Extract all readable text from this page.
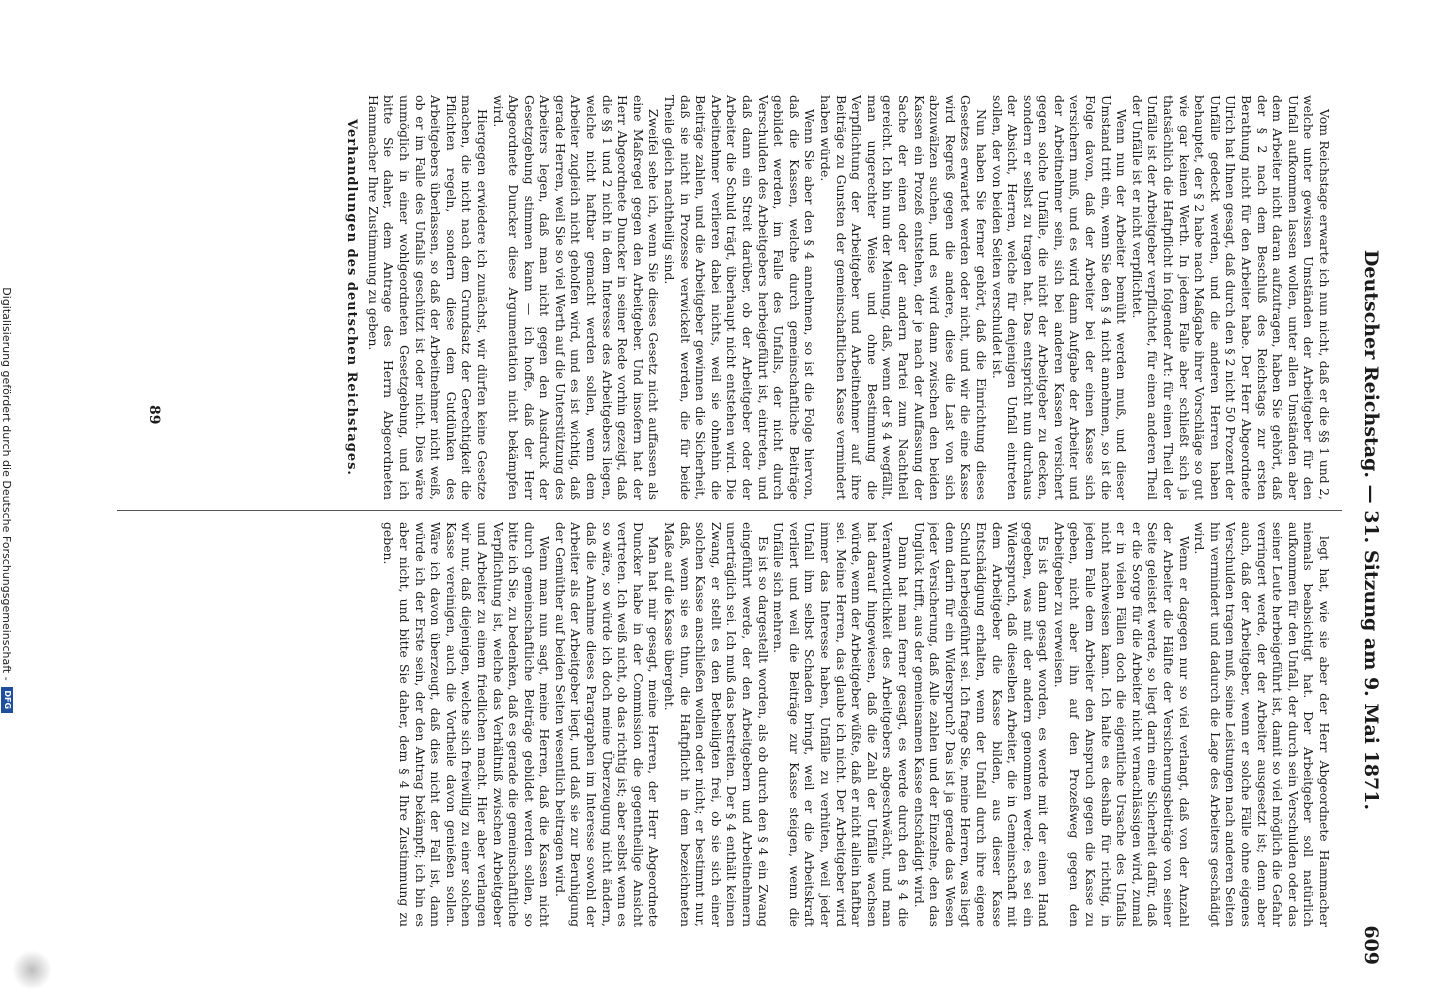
Deutscher Reichstag. — 31. Sitzung am 9. Mai 1871.
609

Vom Reichstage erwarte ich nun nicht, daß er die §§ 1 und 2, welche unter gewissen Umständen der Arbeitgeber für den Unfall aufkommen lassen wollen, unter allen Umständen aber dem Arbeiter nicht daran aufzutragen, haben Sie gehört, daß der § 2 nach dem Beschluß des Reichstags zur ersten Berathung nicht für den Arbeiter habe. Der Herr Abgeordnete Ulrich hat Ihnen gesagt, daß durch den § 2 nicht 50 Prozent der Unfälle gedeckt werden, und die anderen Herren haben behauptet, der § 2 habe nach Maßgabe ihrer Vorschläge so gut wie gar keinen Werth. In jedem Falle aber schließt sich ja thatsächlich die Haftpflicht in folgender Art: für einen Theil der Unfälle ist der Arbeitgeber verpflichtet, für einen anderen Theil der Unfälle ist er nicht verpflichtet.

Wenn nun der Arbeiter bemüht werden muß, und dieser Umstand tritt ein, wenn Sie den § 4 nicht annehmen, so ist die Folge davon, daß der Arbeiter bei der einen Kasse sich versichern muß, und es wird dann Aufgabe der Arbeiter und der Arbeitnehmer sein, sich bei anderen Kassen versichert gegen solche Unfälle, die nicht der Arbeitgeber zu decken, sondern er selbst zu tragen hat. Das entspricht nun durchaus der Absicht, Herren, welche für denjenigen Unfall eintreten sollen, der von beiden Seiten verschuldet ist.

Nun haben Sie ferner gehört, daß die Einrichtung dieses Gesetzes erwartet werden oder nicht, und wir die eine Kasse wird Regreß gegen die andere, diese die Last von sich abzuwälzen suchen, und es wird dann zwischen den beiden Kassen ein Prozeß entstehen, der je nach der Auffassung der Sache der einen oder der andern Partei zum Nachtheil gereicht. Ich bin nun der Meinung, daß, wenn der § 4 wegfällt, man ungerechter Weise und ohne Bestimmung die Verpflichtung der Arbeitgeber und Arbeitnehmer auf ihre Beiträge zu Gunsten der gemeinschaftlichen Kasse vermindert haben würde.

Wenn Sie aber den § 4 annehmen, so ist die Folge hiervon, daß die Kassen, welche durch gemeinschaftliche Beiträge gebildet werden, im Falle des Unfalls, der nicht durch Verschulden des Arbeitgebers herbeigeführt ist, eintreten, und daß dann ein Streit darüber, ob der Arbeitgeber oder der Arbeiter die Schuld trägt, überhaupt nicht entstehen wird. Die Arbeitnehmer verlieren dabei nichts, weil sie ohnehin die Beiträge zahlen, und die Arbeitgeber gewinnen die Sicherheit, daß sie nicht in Prozesse verwickelt werden, die für beide Theile gleich nachtheilig sind.

Zweifel sehe ich, wenn Sie dieses Gesetz nicht auffassen als eine Maßregel gegen den Arbeitgeber. Und insofern hat der Herr Abgeordnete Duncker in seiner Rede vorhin gezeigt, daß die §§ 1 und 2 nicht in dem Interesse des Arbeitgebers liegen, welche nicht haftbar gemacht werden sollen, wenn dem Arbeiter zugleich nicht geholfen wird, und es ist wichtig, daß gerade Herren, weil Sie so viel Werth auf die Unterstützung des Arbeiters legen, daß man nicht gegen den Ausdruck der Gesetzgebung stimmen kann — ich hoffe, daß der Herr Abgeordnete Duncker diese Argumentation nicht bekämpfen wird.

Hiergegen erwiedere ich zunächst, wir dürfen keine Gesetze machen, die nicht nach dem Grundsatz der Gerechtigkeit die Pflichten regeln, sondern diese dem Gutdünken des Arbeitgebers überlassen, so daß der Arbeitnehmer nicht weiß, ob er im Falle des Unfalls geschützt ist oder nicht. Dies wäre unmöglich in einer wohlgeordneten Gesetzgebung, und ich bitte Sie daher, dem Antrage des Herrn Abgeordneten Hammacher Ihre Zustimmung zu geben.

Verhandlungen des deutschen Reichstages.

legt hat, wie sie aber der Herr Abgeordnete Hammacher niemals beabsichtigt hat. Der Arbeitgeber soll natürlich aufkommen für den Unfall, der durch sein Verschulden oder das seiner Leute herbeigeführt ist, damit so viel möglich die Gefahr verringert werde, der der Arbeiter ausgesetzt ist; denn aber auch, daß der Arbeitgeber, wenn er solche Fälle ohne eigenes Verschulden tragen muß, seine Leistungen nach anderen Seiten hin vermindert und dadurch die Lage des Arbeiters geschädigt wird.

Wenn er dagegen nur so viel verlangt, daß von der Anzahl der Arbeiter die Hälfte der Versicherungsbeiträge von seiner Seite geleistet werde, so liegt darin eine Sicherheit dafür, daß er die Sorge für die Arbeiter nicht vernachlässigen wird, zumal er in vielen Fällen doch die eigentliche Ursache des Unfalls nicht nachweisen kann. Ich halte es deshalb für richtig, in jedem Falle dem Arbeiter den Anspruch gegen die Kasse zu geben, nicht aber ihn auf den Prozeßweg gegen den Arbeitgeber zu verweisen.

Es ist dann gesagt worden, es werde mit der einen Hand gegeben, was mit der andern genommen werde; es sei ein Widerspruch, daß dieselben Arbeiter, die in Gemeinschaft mit dem Arbeitgeber die Kasse bilden, aus dieser Kasse Entschädigung erhalten, wenn der Unfall durch ihre eigene Schuld herbeigeführt sei. Ich frage Sie, meine Herren, was liegt denn darin für ein Widerspruch? Das ist ja gerade das Wesen jeder Versicherung, daß Alle zahlen und der Einzelne, den das Unglück trifft, aus der gemeinsamen Kasse entschädigt wird.

Dann hat man ferner gesagt, es werde durch den § 4 die Verantwortlichkeit des Arbeitgebers abgeschwächt, und man hat darauf hingewiesen, daß die Zahl der Unfälle wachsen würde, wenn der Arbeitgeber wüßte, daß er nicht allein haftbar sei. Meine Herren, das glaube ich nicht. Der Arbeitgeber wird immer das Interesse haben, Unfälle zu verhüten, weil jeder Unfall ihm selbst Schaden bringt, weil er die Arbeitskraft verliert und weil die Beiträge zur Kasse steigen, wenn die Unfälle sich mehren.

Es ist so dargestellt worden, als ob durch den § 4 ein Zwang eingeführt werde, der den Arbeitgebern und Arbeitnehmern unerträglich sei. Ich muß das bestreiten. Der § 4 enthält keinen Zwang, er stellt es den Betheiligten frei, ob sie sich einer solchen Kasse anschließen wollen oder nicht; er bestimmt nur, daß, wenn sie es thun, die Haftpflicht in dem bezeichneten Maße auf die Kasse übergeht.

Man hat mir gesagt, meine Herren, der Herr Abgeordnete Duncker habe in der Commission die gegentheilige Ansicht vertreten. Ich weiß nicht, ob das richtig ist; aber selbst wenn es so wäre, so würde ich doch meine Überzeugung nicht ändern, daß die Annahme dieses Paragraphen im Interesse sowohl der Arbeiter als der Arbeitgeber liegt, und daß sie zur Beruhigung der Gemüther auf beiden Seiten wesentlich beitragen wird.

Wenn man nun sagt, meine Herren, daß die Kassen nicht durch gemeinschaftliche Beiträge gebildet werden sollen, so bitte ich Sie, zu bedenken, daß es gerade die gemeinschaftliche Verpflichtung ist, welche das Verhältniß zwischen Arbeitgeber und Arbeiter zu einem friedlichen macht. Hier aber verlangen wir nur, daß diejenigen, welche sich freiwillig zu einer solchen Kasse vereinigen, auch die Vortheile davon genießen sollen. Wäre ich davon überzeugt, daß dies nicht der Fall ist, dann würde ich der Erste sein, der den Antrag bekämpft; ich bin es aber nicht, und bitte Sie daher, dem § 4 Ihre Zustimmung zu geben.

89
Digitalisierung gefördert durch die Deutsche Forschungsgemeinschaft -
DFG
